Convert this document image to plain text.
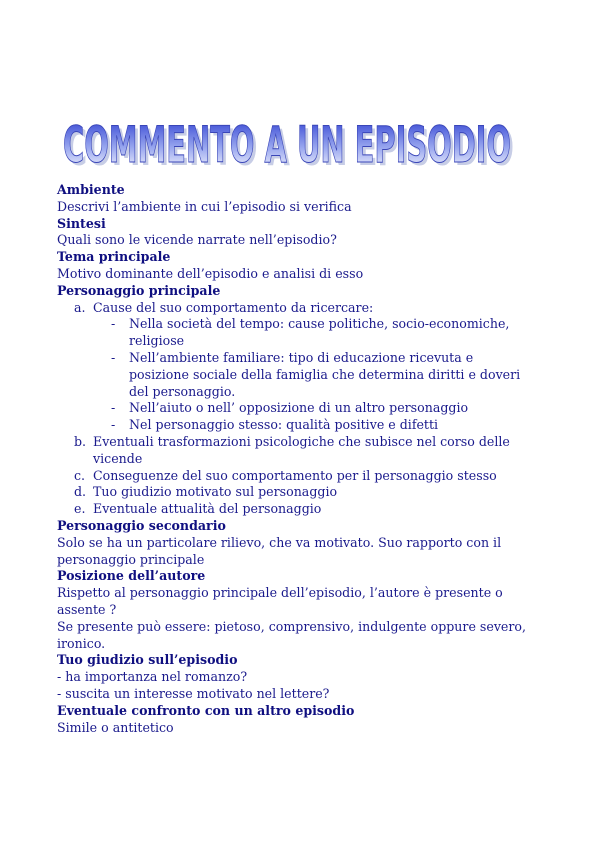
COMMENTO A UN EPISODIO
COMMENTO A UN EPISODIO

Ambiente

Descrivi l’ambiente in cui l’episodio si verifica

Sintesi

Quali sono le vicende narrate nell’episodio?

Tema principale

Motivo dominante dell’episodio e analisi di esso

Personaggio principale

a. Cause del suo comportamento da ricercare:
- Nella società del tempo: cause politiche, socio-economiche, religiose
- Nell’ambiente familiare: tipo di educazione ricevuta e posizione sociale della famiglia che determina diritti e doveri del personaggio.
- Nell’aiuto o nell’ opposizione di un altro personaggio
- Nel personaggio stesso: qualità positive e difetti
b. Eventuali trasformazioni psicologiche che subisce nel corso delle vicende
c. Conseguenze del suo comportamento per il personaggio stesso
d. Tuo giudizio motivato sul personaggio
e. Eventuale attualità del personaggio

Personaggio secondario

Solo se ha un particolare rilievo, che va motivato. Suo rapporto con il personaggio principale

Posizione dell’autore

Rispetto al personaggio principale dell’episodio, l’autore è presente o assente ?

Se presente può essere: pietoso, comprensivo, indulgente oppure severo, ironico.

Tuo giudizio sull’episodio

- ha importanza nel romanzo?

- suscita un interesse motivato nel lettere?

Eventuale confronto con un altro episodio

Simile o antitetico
